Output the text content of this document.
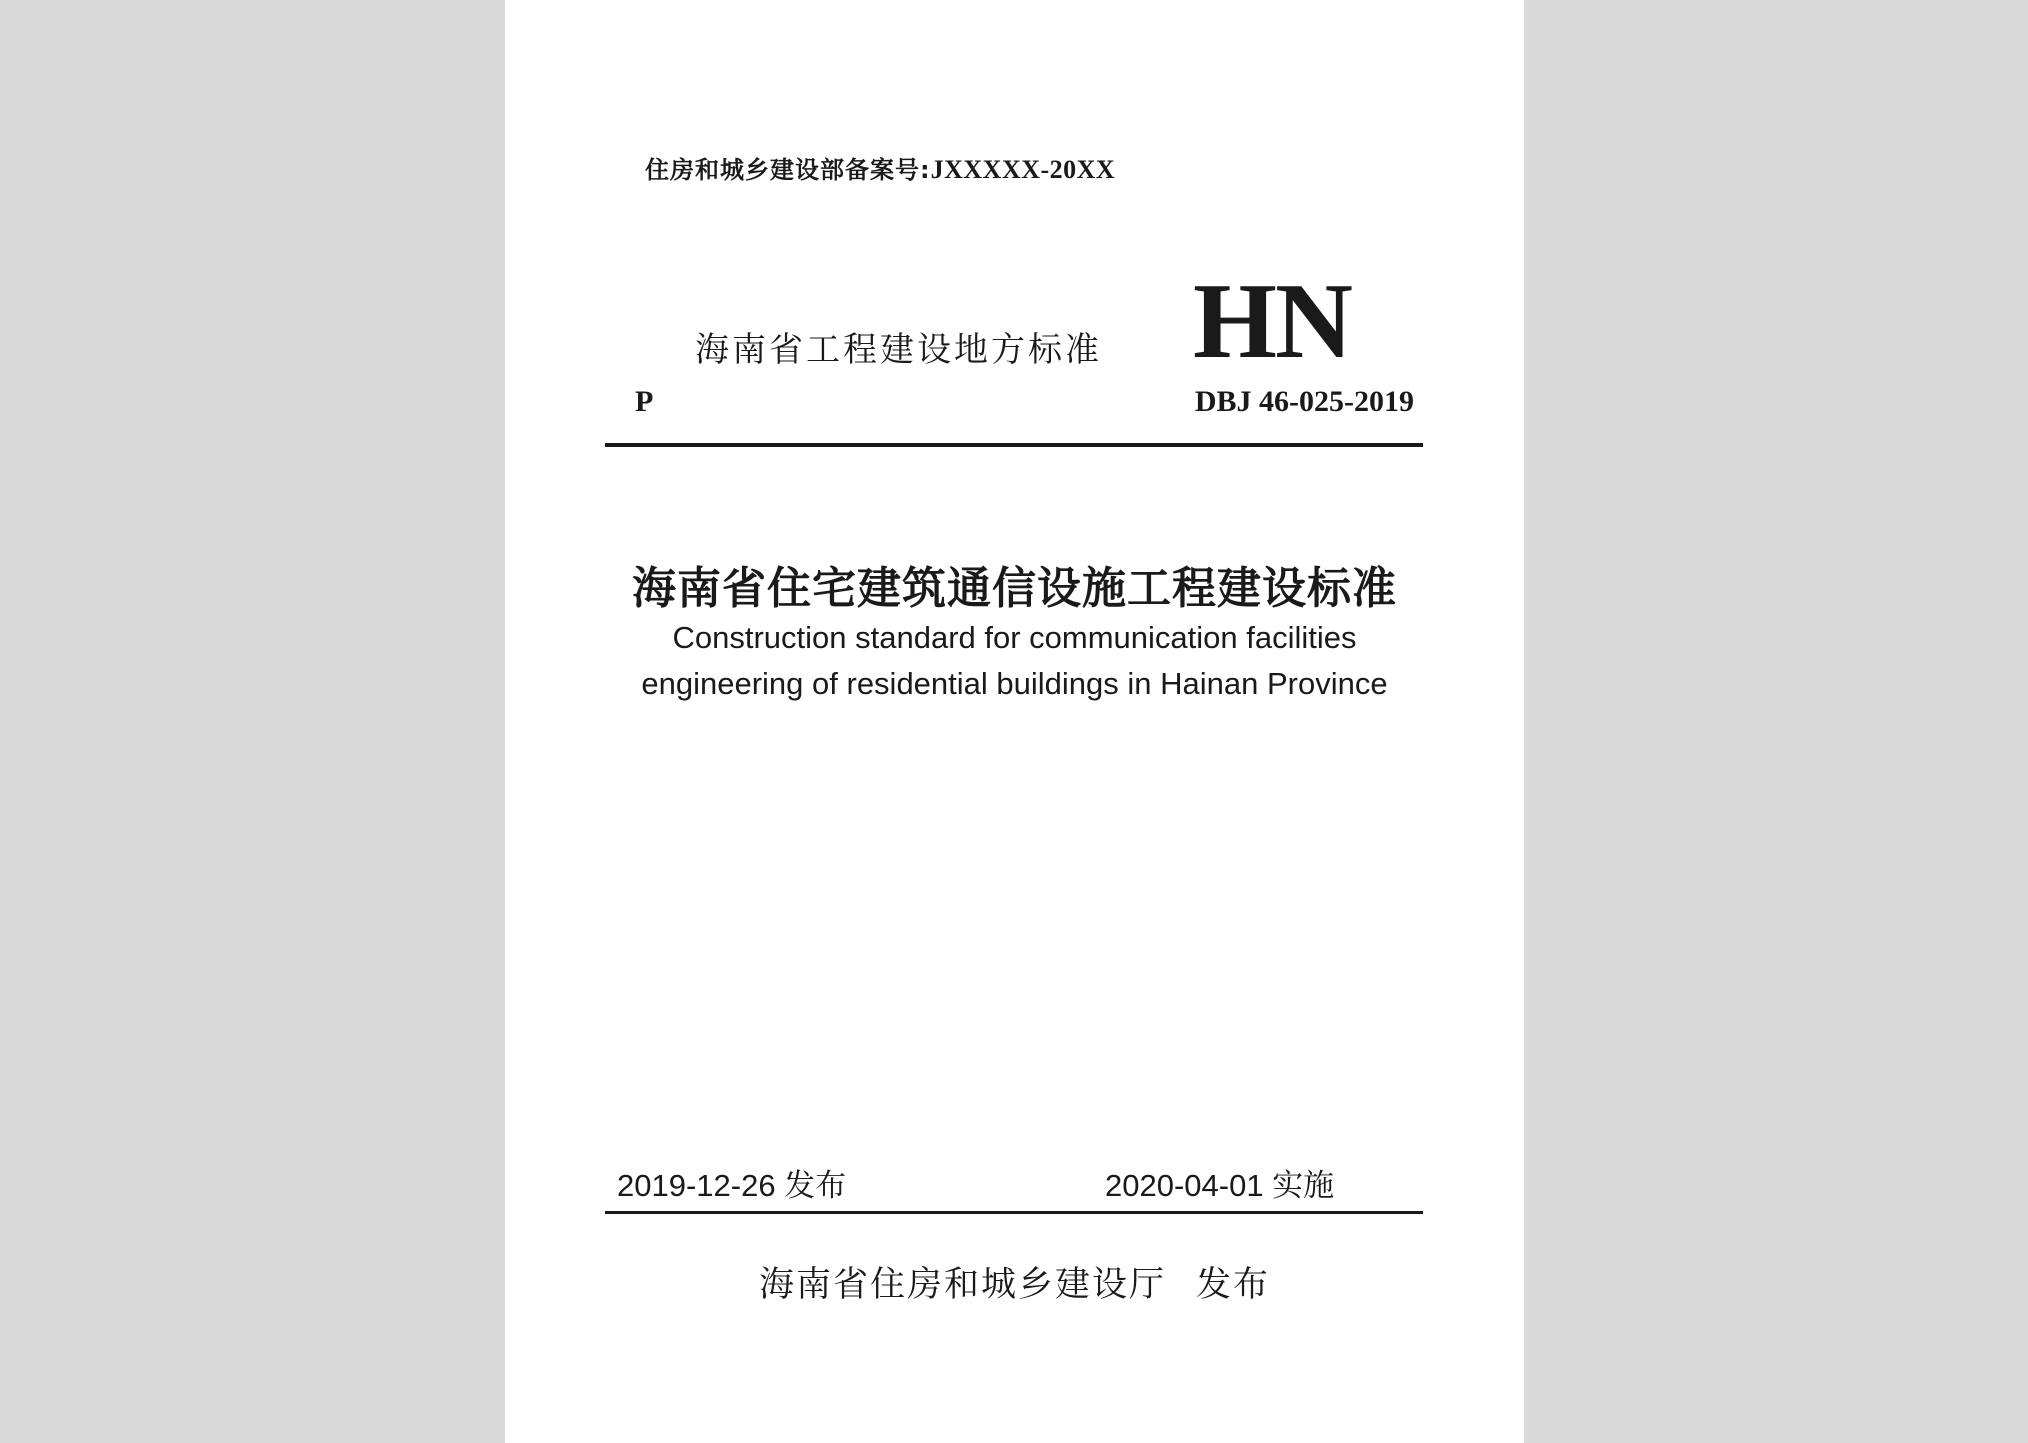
住房和城乡建设部备案号:JXXXXX-20XX
海南省工程建设地方标准 HN
P	DBJ 46-025-2019
海南省住宅建筑通信设施工程建设标准
Construction standard for communication facilities
engineering of residential buildings in Hainan Province
2019-12-26 发布	2020-04-01 实施
海南省住房和城乡建设厅 发布
